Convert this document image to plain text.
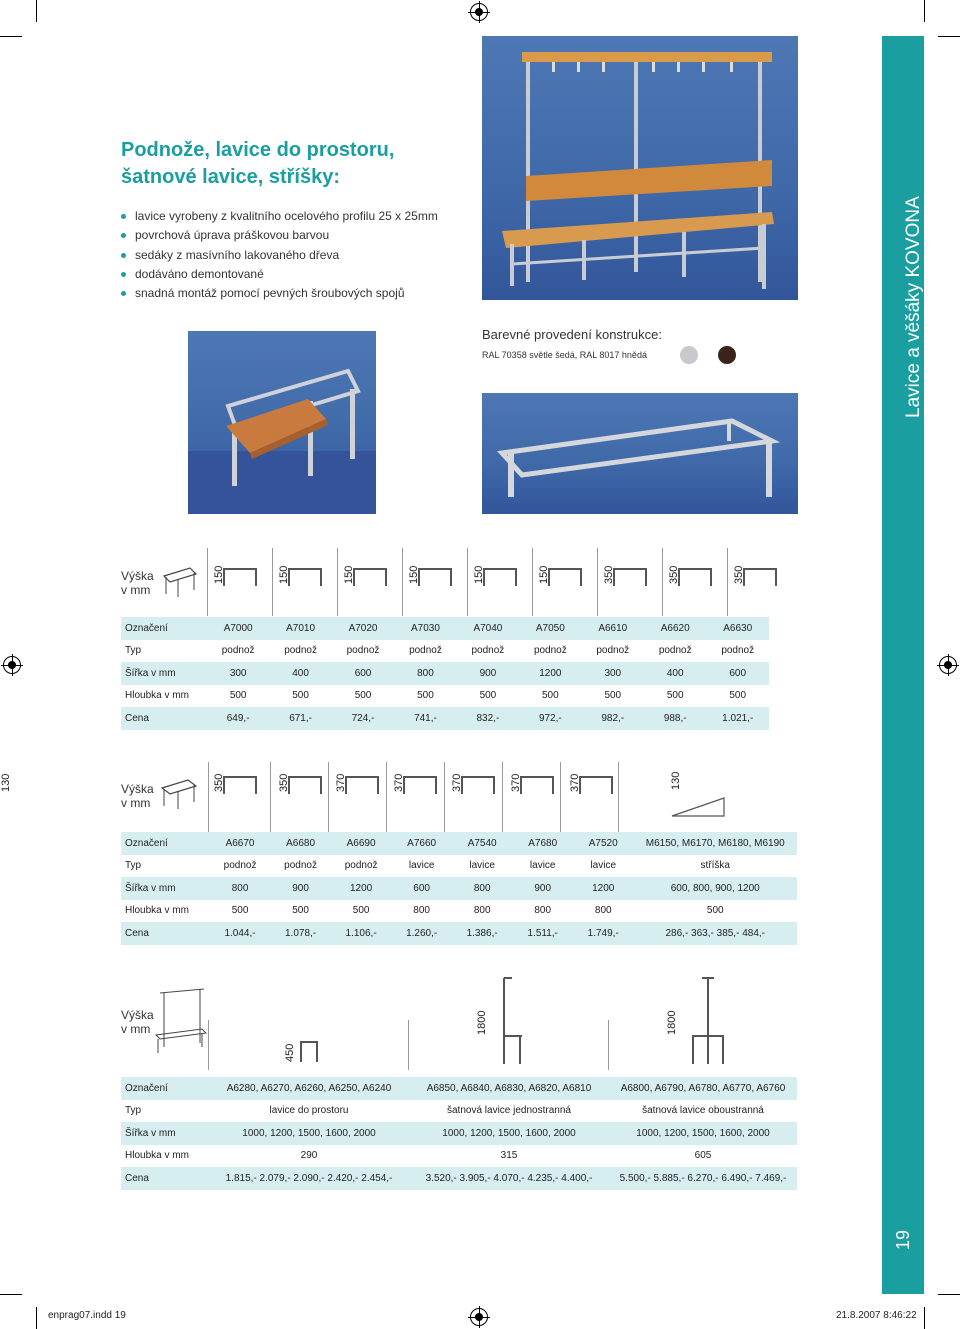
Podnože, lavice do prostoru,
šatnové lavice, stříšky:
lavice vyrobeny z kvalitního ocelového profilu 25 x 25mm
povrchová úprava práškovou barvou
sedáky z masívního lakovaného dřeva
dodáváno demontované
snadná montáž pomocí pevných šroubových spojů
Barevné provedení konstrukce:
RAL 70358 světle šedá, RAL 8017 hnědá	Lavice a věšáky KOVONA
19
Výška
v mm
150	150	150	150	150	150	350	350	350
Označení	A7000	A7010	A7020	A7030	A7040	A7050	A6610	A6620	A6630
Typ	podnož	podnož	podnož	podnož	podnož	podnož	podnož	podnož	podnož
Šířka v mm	300	400	600	800	900	1200	300	400	600
Hloubka v mm	500	500	500	500	500	500	500	500	500
Cena	649,-	671,-	724,-	741,-	832,-	972,-	982,-	988,-	1.021,-
Výška
v mm
350	350	370	370	370	370	370
130	130
Označení	A6670	A6680	A6690	A7660	A7540	A7680	A7520	M6150, M6170, M6180, M6190
Typ	podnož	podnož	podnož	lavice	lavice	lavice	lavice	stříška
Šířka v mm	800	900	1200	600	800	900	1200	600, 800, 900, 1200
Hloubka v mm	500	500	500	800	800	800	800	500
Cena	1.044,-	1.078,-	1.106,-	1.260,-	1.386,-	1.511,-	1.749,-	286,- 363,- 385,- 484,-
Výška
v mm
450
1800	1800
Označení	A6280, A6270, A6260, A6250, A6240	A6850, A6840, A6830, A6820, A6810	A6800, A6790, A6780, A6770, A6760
Typ	lavice do prostoru	šatnová lavice jednostranná	šatnová lavice oboustranná
Šířka v mm	1000, 1200, 1500, 1600, 2000	1000, 1200, 1500, 1600, 2000	1000, 1200, 1500, 1600, 2000
Hloubka v mm	290	315	605
Cena	1.815,- 2.079,- 2.090,- 2.420,- 2.454,-	3.520,- 3.905,- 4.070,- 4.235,- 4.400,-	5.500,- 5.885,- 6.270,- 6.490,- 7.469,-
enprag07.indd 19	21.8.2007 8:46:22
